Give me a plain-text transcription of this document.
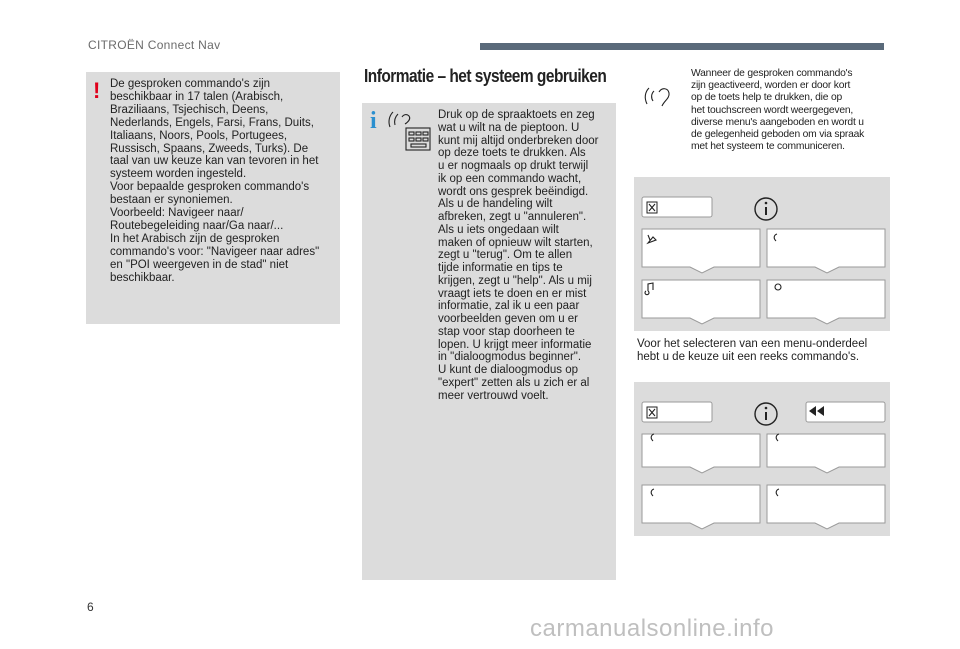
CITROËN Connect Nav
! De gesproken commando's zijn
beschikbaar in 17 talen (Arabisch,
Braziliaans, Tsjechisch, Deens,
Nederlands, Engels, Farsi, Frans, Duits,
Italiaans, Noors, Pools, Portugees,
Russisch, Spaans, Zweeds, Turks). De
taal van uw keuze kan van tevoren in het
systeem worden ingesteld.
Voor bepaalde gesproken commando's
bestaan er synoniemen.
Voorbeeld: Navigeer naar/
Routebegeleiding naar/Ga naar/...
In het Arabisch zijn de gesproken
commando's voor: "Navigeer naar adres"
en "POI weergeven in de stad" niet
beschikbaar.
Informatie – het systeem gebruiken
i	Druk op de spraaktoets en zeg
wat u wilt na de pieptoon. U
kunt mij altijd onderbreken door
op deze toets te drukken. Als
u er nogmaals op drukt terwijl
ik op een commando wacht,
wordt ons gesprek beëindigd.
Als u de handeling wilt
afbreken, zegt u "annuleren".
Als u iets ongedaan wilt
maken of opnieuw wilt starten,
zegt u "terug". Om te allen
tijde informatie en tips te
krijgen, zegt u "help". Als u mij
vraagt iets te doen en er mist
informatie, zal ik u een paar
voorbeelden geven om u er
stap voor stap doorheen te
lopen. U krijgt meer informatie
in "dialoogmodus beginner".
U kunt de dialoogmodus op
"expert" zetten als u zich er al
meer vertrouwd voelt.
Wanneer de gesproken commando's
zijn geactiveerd, worden er door kort
op de toets help te drukken, die op
het touchscreen wordt weergegeven,
diverse menu's aangeboden en wordt u
de gelegenheid geboden om via spraak
met het systeem te communiceren.
Voor het selecteren van een menu-onderdeel
hebt u de keuze uit een reeks commando's.
6
carmanualsonline.info
